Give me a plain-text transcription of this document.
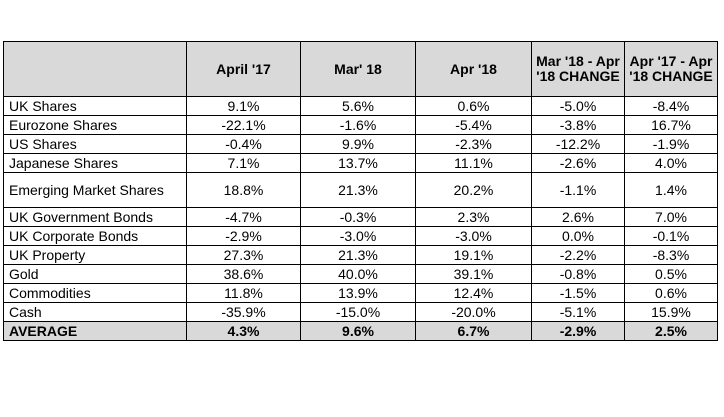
	April '17	Mar' 18	Apr '18	Mar '18 - Apr '18 CHANGE	Apr '17 - Apr '18 CHANGE
UK Shares	9.1%	5.6%	0.6%	-5.0%	-8.4%
Eurozone Shares	-22.1%	-1.6%	-5.4%	-3.8%	16.7%
US Shares	-0.4%	9.9%	-2.3%	-12.2%	-1.9%
Japanese Shares	7.1%	13.7%	11.1%	-2.6%	4.0%
Emerging Market Shares	18.8%	21.3%	20.2%	-1.1%	1.4%
UK Government Bonds	-4.7%	-0.3%	2.3%	2.6%	7.0%
UK Corporate Bonds	-2.9%	-3.0%	-3.0%	0.0%	-0.1%
UK Property	27.3%	21.3%	19.1%	-2.2%	-8.3%
Gold	38.6%	40.0%	39.1%	-0.8%	0.5%
Commodities	11.8%	13.9%	12.4%	-1.5%	0.6%
Cash	-35.9%	-15.0%	-20.0%	-5.1%	15.9%
AVERAGE	4.3%	9.6%	6.7%	-2.9%	2.5%
